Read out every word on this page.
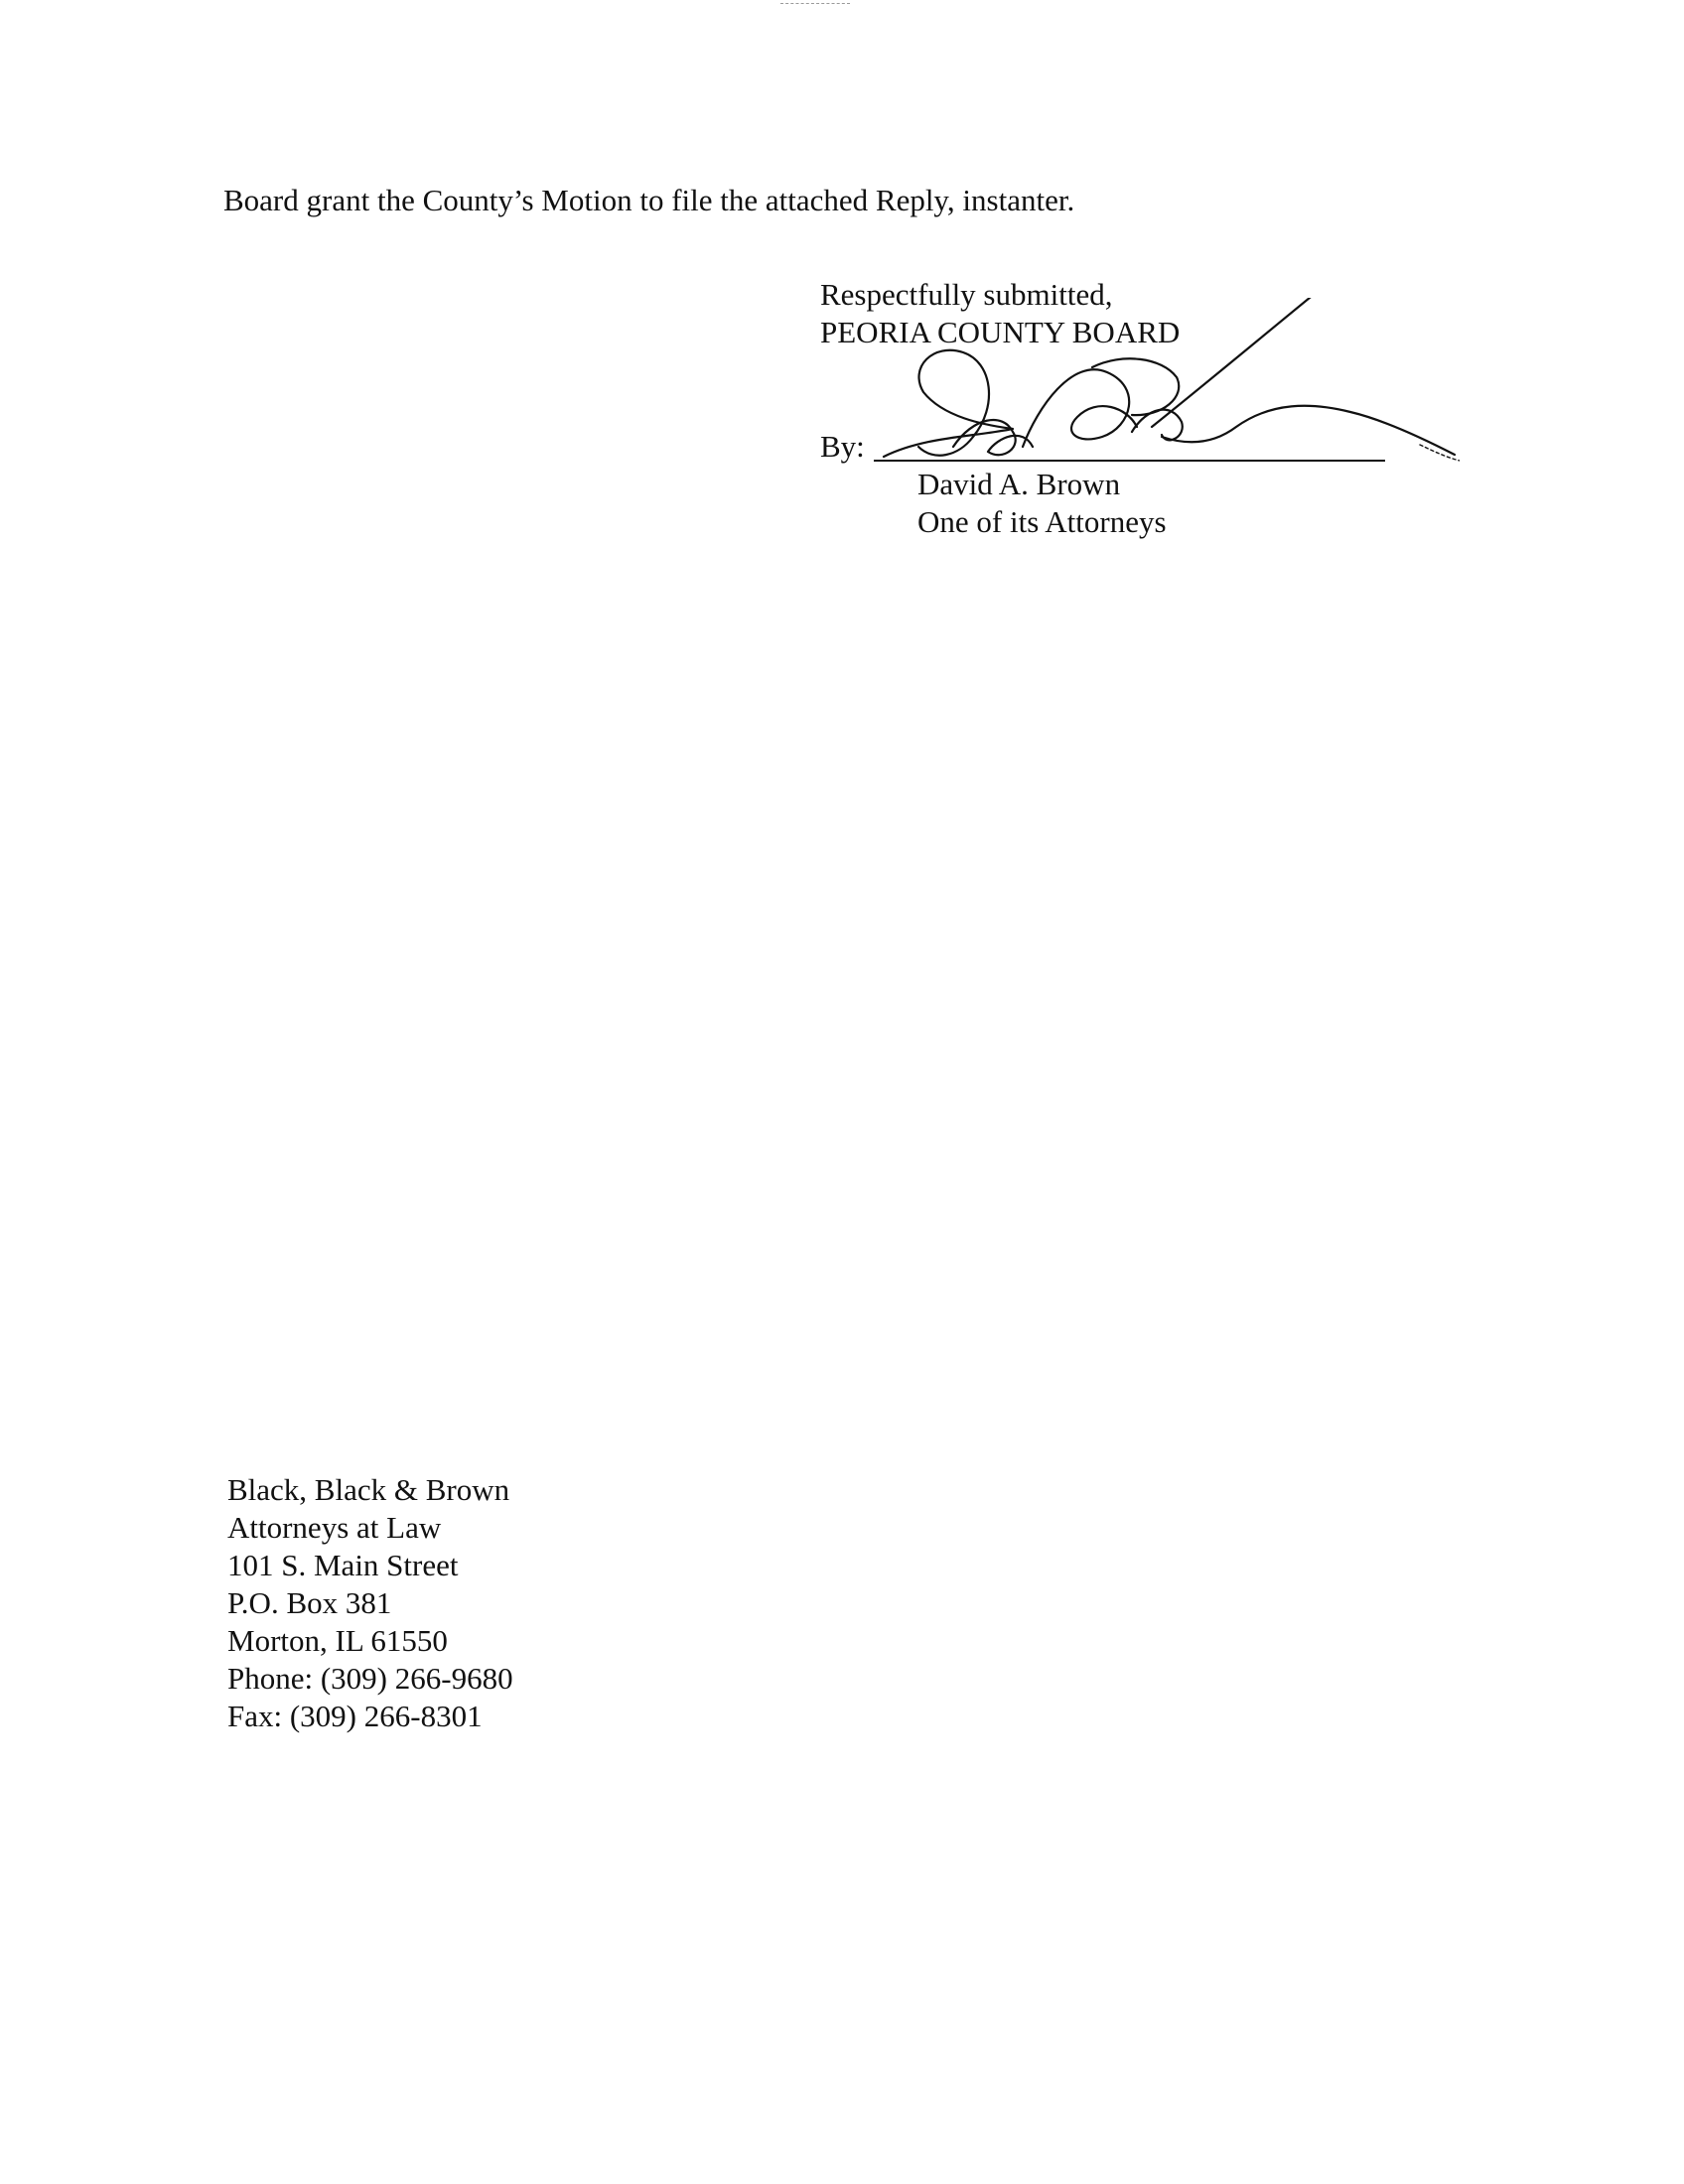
Board grant the County’s Motion to file the attached Reply, instanter.
Respectfully submitted,
PEORIA COUNTY BOARD
By:
David A. Brown
One of its Attorneys
Black, Black & Brown
Attorneys at Law
101 S. Main Street
P.O. Box 381
Morton, IL 61550
Phone: (309) 266-9680
Fax: (309) 266-8301
